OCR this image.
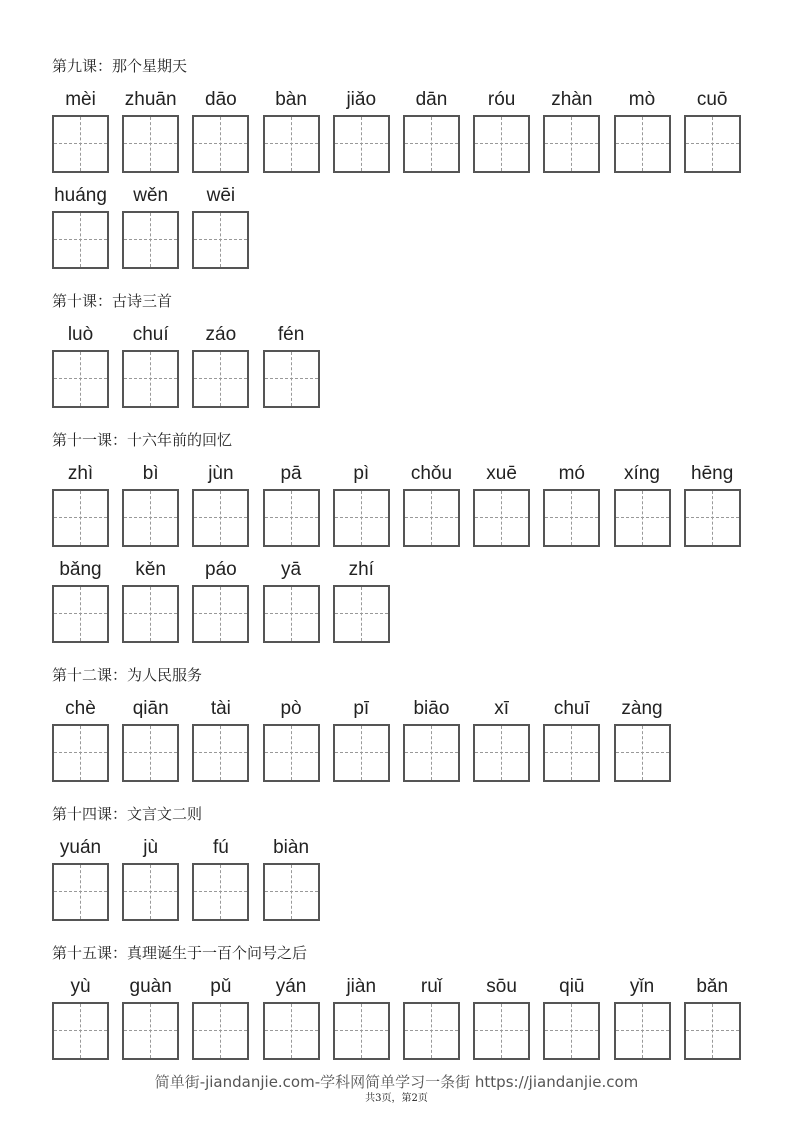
第九课：那个星期天
mèi	zhuān	dāo	bàn	jiǎo	dān	róu	zhàn	mò	cuō
huáng	wěn	wēi
第十课：古诗三首
luò	chuí	záo	fén
第十一课：十六年前的回忆
zhì	bì	jùn	pā	pì	chǒu	xuē	mó	xíng	hēng
bǎng	kěn	páo	yā	zhí
第十二课：为人民服务
chè	qiān	tài	pò	pī	biāo	xī	chuī	zàng
第十四课：文言文二则
yuán	jù	fú	biàn
第十五课：真理诞生于一百个问号之后
yù	guàn	pǔ	yán	jiàn	ruǐ	sōu	qiū	yǐn	bǎn
简单街-jiandanjie.com-学科网简单学习一条街 https://jiandanjie.com
共3页，第2页
